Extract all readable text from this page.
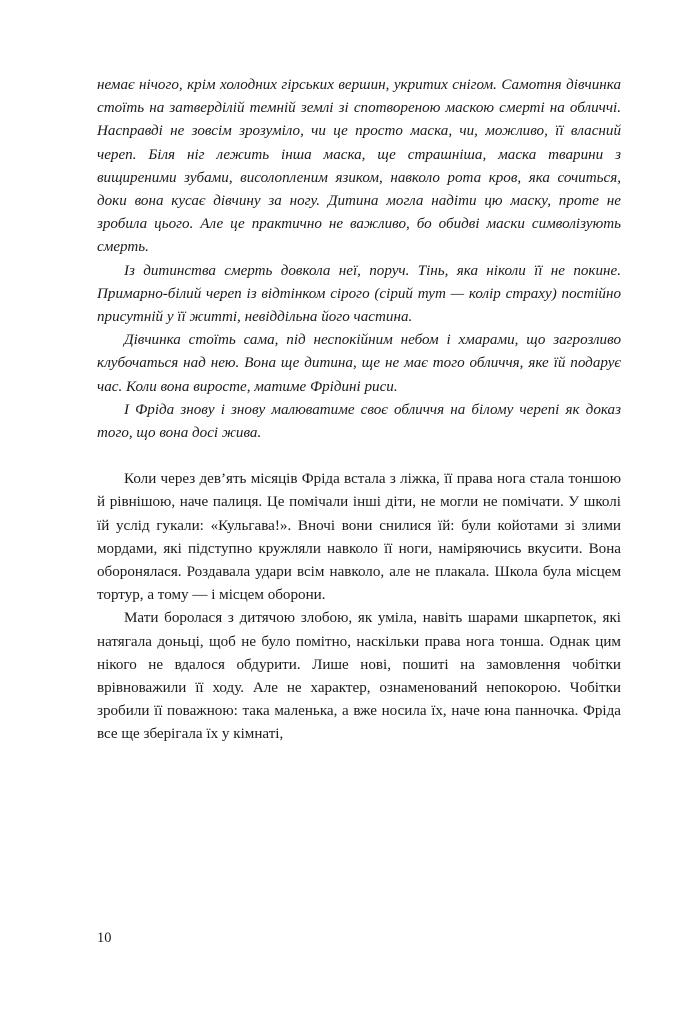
немає нічого, крім холодних гірських вершин, укритих снігом. Самотня дівчинка стоїть на затверділій темній землі зі спотвореною маскою смерті на обличчі. Насправді не зовсім зрозуміло, чи це просто маска, чи, можливо, її власний череп. Біля ніг лежить інша маска, ще страшніша, маска тварини з вищиреними зубами, висолопленим язиком, навколо рота кров, яка сочиться, доки вона кусає дівчину за ногу. Дитина могла надіти цю маску, проте не зробила цього. Але це практично не важливо, бо обидві маски символізують смерть.

Із дитинства смерть довкола неї, поруч. Тінь, яка ніколи її не покине. Примарно-білий череп із відтінком сірого (сірий тут — колір страху) постійно присутній у її житті, невіддільна його частина.

Дівчинка стоїть сама, під неспокійним небом і хмарами, що загрозливо клубочаться над нею. Вона ще дитина, ще не має того обличчя, яке їй подарує час. Коли вона виросте, матиме Фрідині риси.

І Фріда знову і знову малюватиме своє обличчя на білому черепі як доказ того, що вона досі жива.

Коли через дев’ять місяців Фріда встала з ліжка, її права нога стала тоншою й рівнішою, наче палиця. Це помічали інші діти, не могли не помічати. У школі їй услід гукали: «Кульгава!». Вночі вони снилися їй: були койотами зі злими мордами, які підступно кружляли навколо її ноги, наміряючись вкусити. Вона оборонялася. Роздавала удари всім навколо, але не плакала. Школа була місцем тортур, а тому — і місцем оборони.

Мати боролася з дитячою злобою, як уміла, навіть шарами шкарпеток, які натягала доньці, щоб не було помітно, наскільки права нога тонша. Однак цим нікого не вдалося обдурити. Лише нові, пошиті на замовлення чобітки врівноважили її ходу. Але не характер, ознаменований непокорою. Чобітки зробили її поважною: така маленька, а вже носила їх, наче юна панночка. Фріда все ще зберігала їх у кімнаті,

10
